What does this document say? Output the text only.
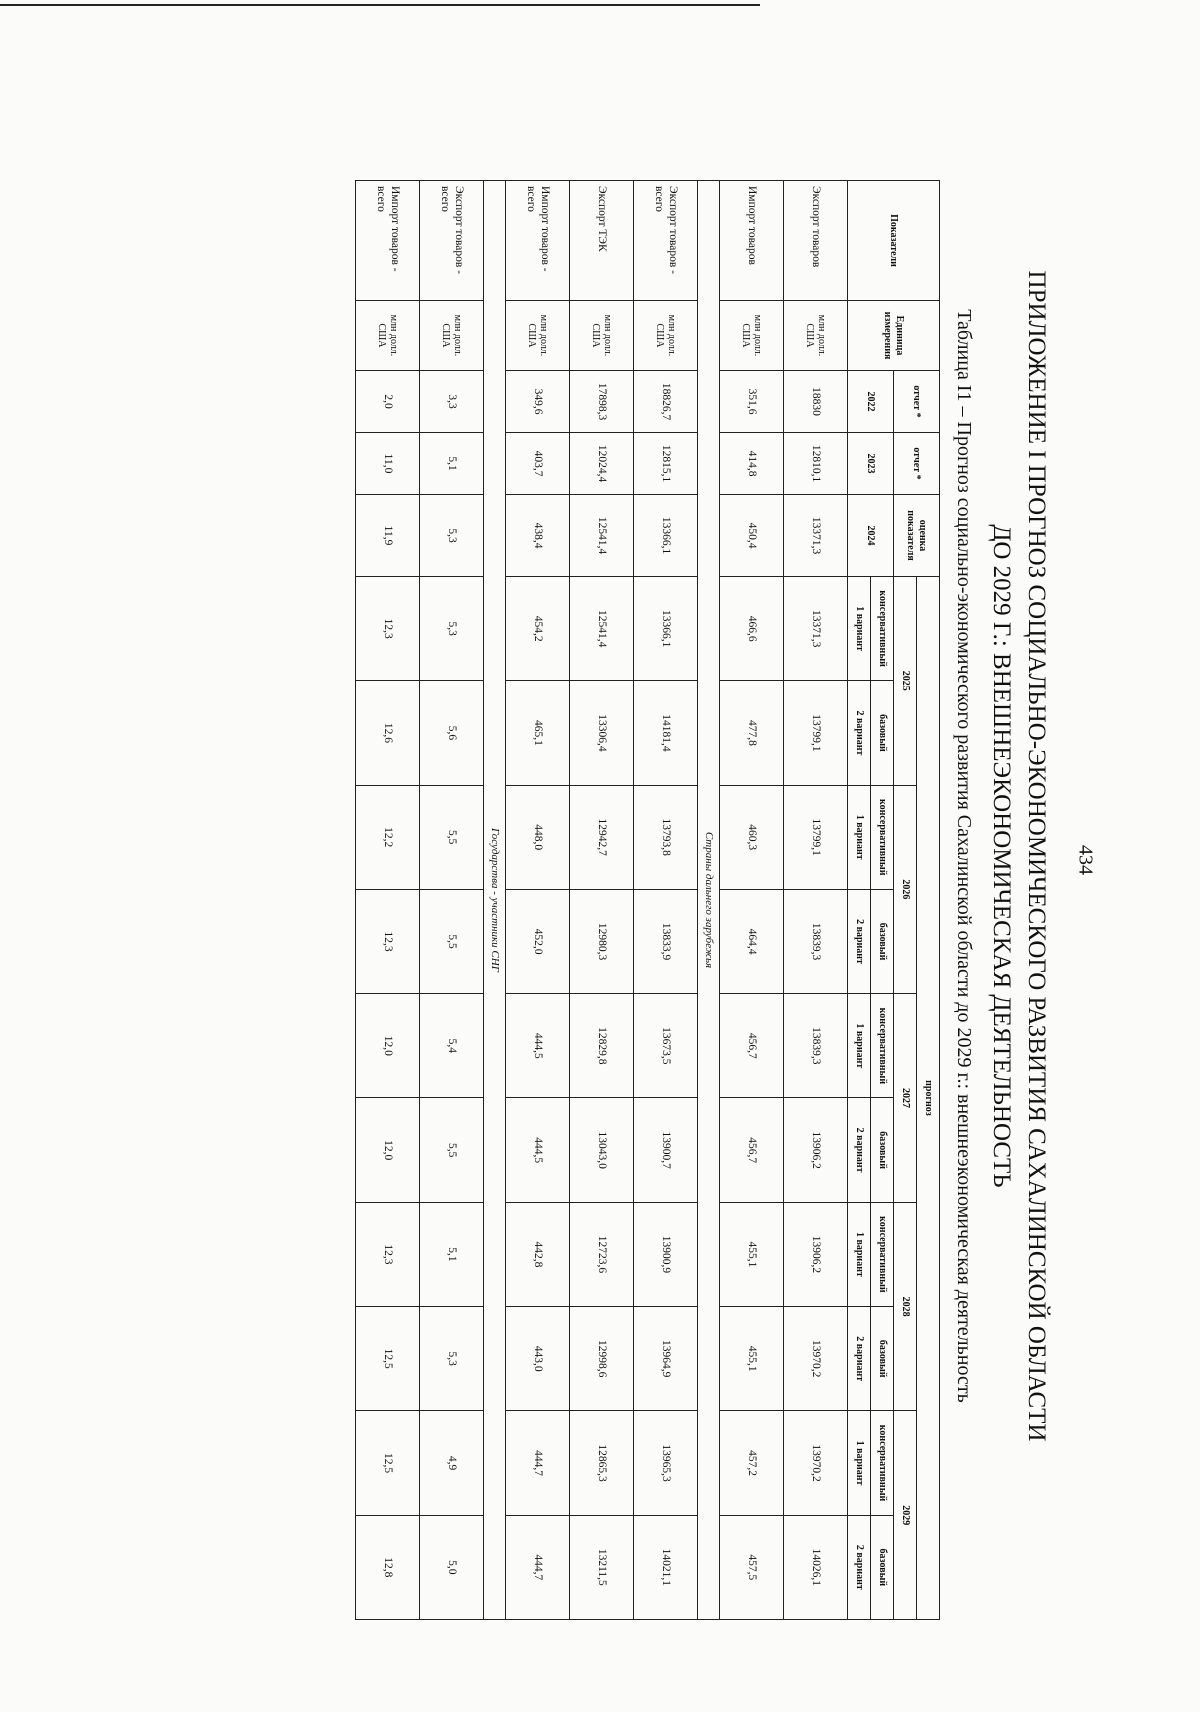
434
ПРИЛОЖЕНИЕ I ПРОГНОЗ СОЦИАЛЬНО-ЭКОНОМИЧЕСКОГО РАЗВИТИЯ САХАЛИНСКОЙ ОБЛАСТИ
ДО 2029 Г.: ВНЕШНЕЭКОНОМИЧЕСКАЯ ДЕЯТЕЛЬНОСТЬ
Таблица I1 – Прогноз социально-экономического развития Сахалинской области до 2029 г.: внешнеэкономическая деятельность
Показатели	Единица измерения	отчет *	отчет *	оценка показателя	прогноз									
					2025		2026		2027		2028		2029	
		2022	2023	2024	консервативный	базовый	консервативный	базовый	консервативный	базовый	консервативный	базовый	консервативный	базовый
					1 вариант	2 вариант	1 вариант	2 вариант	1 вариант	2 вариант	1 вариант	2 вариант	1 вариант	2 вариант
Экспорт товаров	млн долл. США	18830	12810,1	13371,3	13371,3	13799,1	13799,1	13839,3	13839,3	13906,2	13906,2	13970,2	13970,2	14026,1
Импорт товаров	млн долл. США	351,6	414,8	450,4	466,6	477,8	460,3	464,4	456,7	456,7	455,1	455,1	457,2	457,5
Страны дальнего зарубежья														
Экспорт товаров - всего	млн долл. США	18826,7	12815,1	13366,1	13366,1	14181,4	13793,8	13833,9	13673,5	13900,7	13900,9	13964,9	13965,3	14021,1
Экспорт ТЭК	млн долл. США	17898,3	12024,4	12541,4	12541,4	13306,4	12942,7	12980,3	12829,8	13043,0	12723,6	12998,6	12865,3	13211,5
Импорт товаров - всего	млн долл. США	349,6	403,7	438,4	454,2	465,1	448,0	452,0	444,5	444,5	442,8	443,0	444,7	444,7
Государства - участники СНГ														
Экспорт товаров - всего	млн долл. США	3,3	5,1	5,3	5,3	5,6	5,5	5,5	5,4	5,5	5,1	5,3	4,9	5,0
Импорт товаров - всего	млн долл. США	2,0	11,0	11,9	12,3	12,6	12,2	12,3	12,0	12,0	12,3	12,5	12,5	12,8
